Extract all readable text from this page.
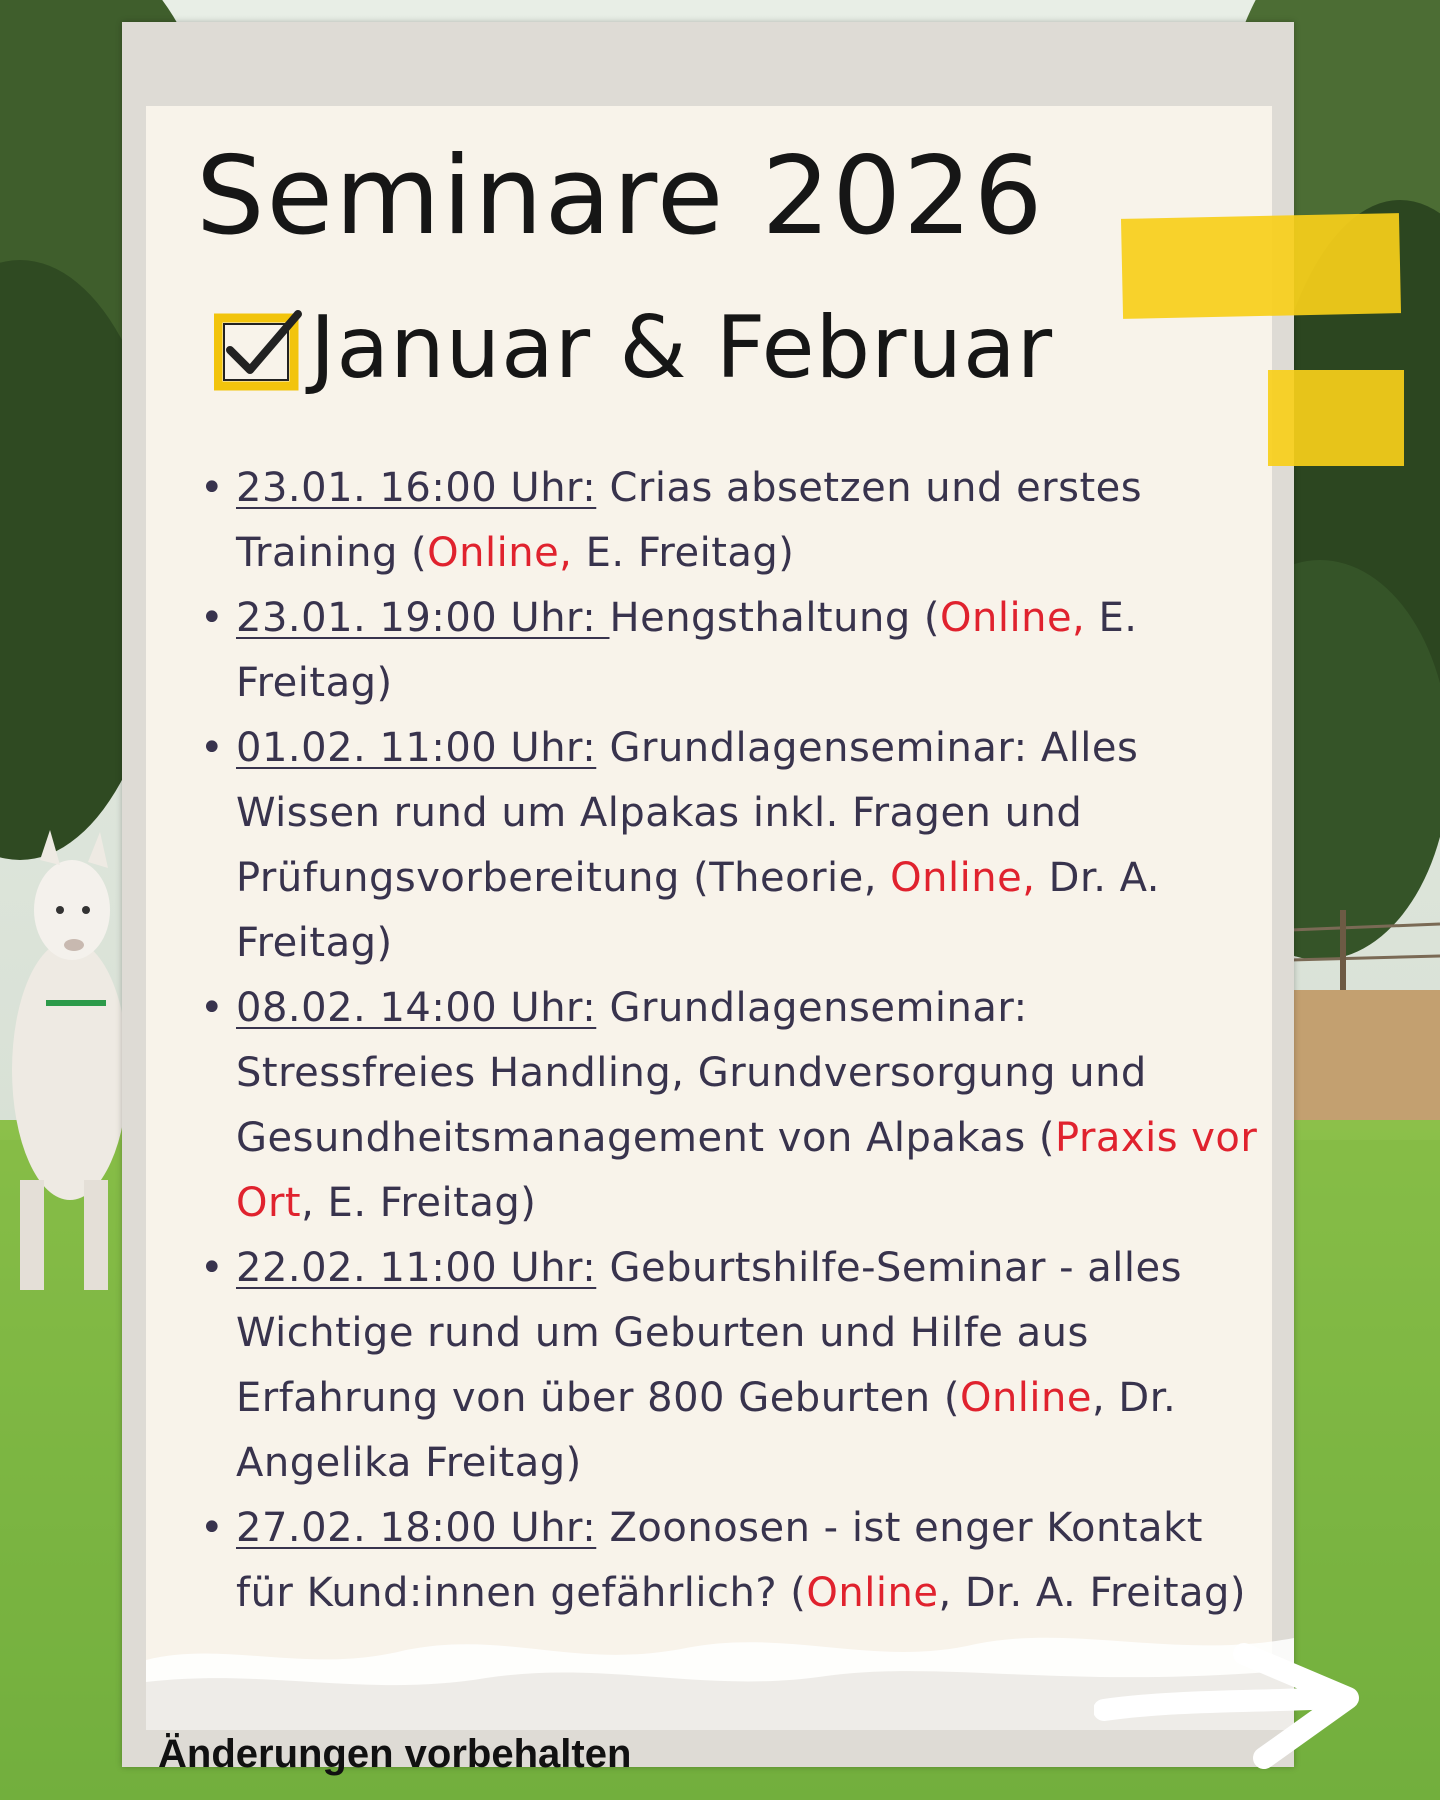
Seminare 2026
Januar & Februar
• 23.01. 16:00 Uhr: Crias absetzen und erstes Training (Online, E. Freitag)
• 23.01. 19:00 Uhr: Hengsthaltung (Online, E. Freitag)
• 01.02. 11:00 Uhr: Grundlagenseminar: Alles Wissen rund um Alpakas inkl. Fragen und Prüfungsvorbereitung (Theorie, Online, Dr. A. Freitag)
• 08.02. 14:00 Uhr: Grundlagenseminar: Stressfreies Handling, Grundversorgung und Gesundheitsmanagement von Alpakas (Praxis vor Ort, E. Freitag)
• 22.02. 11:00 Uhr: Geburtshilfe-Seminar - alles Wichtige rund um Geburten und Hilfe aus Erfahrung von über 800 Geburten (Online, Dr. Angelika Freitag)
• 27.02. 18:00 Uhr: Zoonosen - ist enger Kontakt für Kund:innen gefährlich? (Online, Dr. A. Freitag)
Änderungen vorbehalten
